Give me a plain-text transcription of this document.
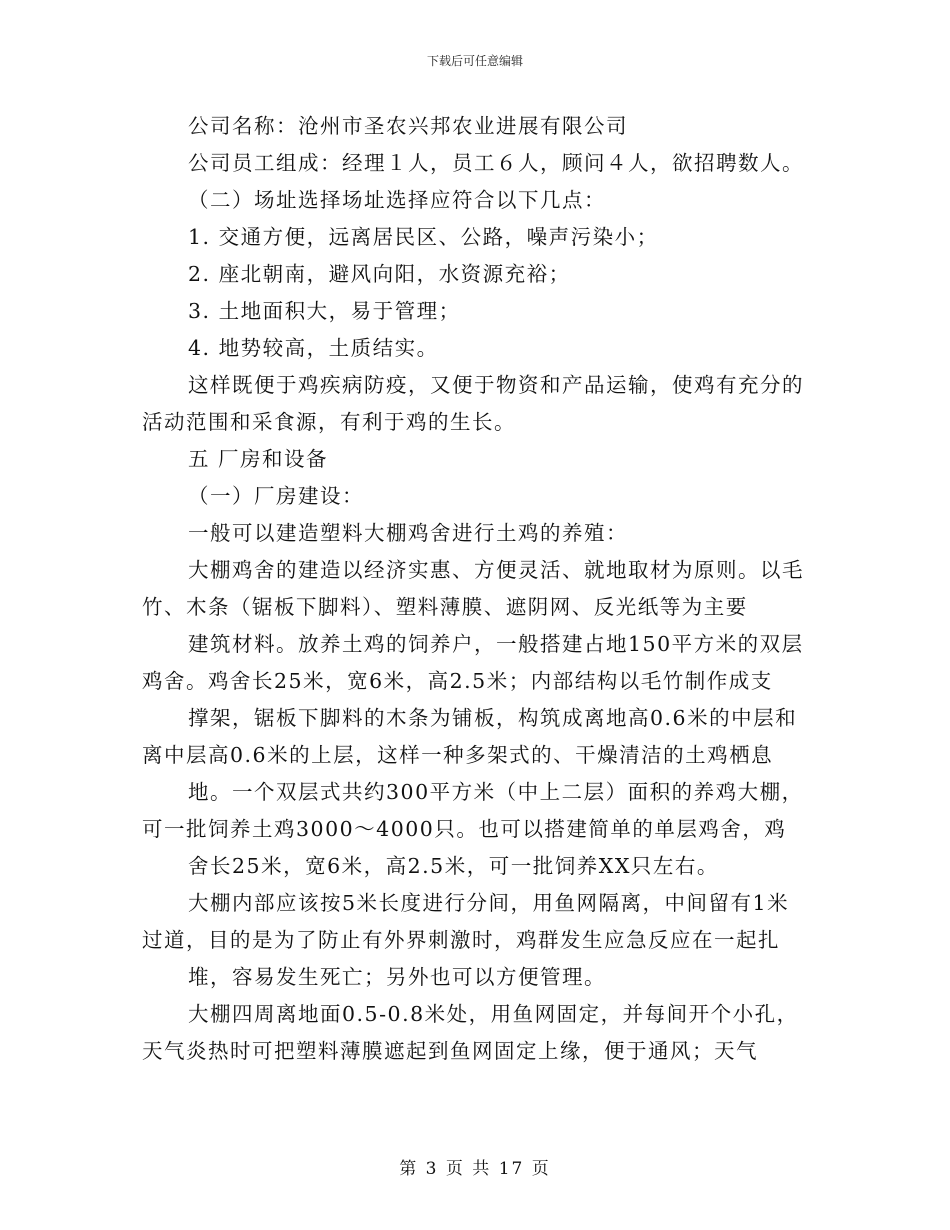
下载后可任意编辑
公司名称：沧州市圣农兴邦农业进展有限公司
公司员工组成：经理１人，员工６人，顾问４人，欲招聘数人。
（二）场址选择场址选择应符合以下几点：
1. 交通方便，远离居民区、公路，噪声污染小；
2. 座北朝南，避风向阳，水资源充裕；
3. 土地面积大，易于管理；
4. 地势较高，土质结实。
这样既便于鸡疾病防疫，又便于物资和产品运输，使鸡有充分的
活动范围和采食源，有利于鸡的生长。
五 厂房和设备
（一）厂房建设：
一般可以建造塑料大棚鸡舍进行土鸡的养殖：
大棚鸡舍的建造以经济实惠、方便灵活、就地取材为原则。以毛
竹、木条（锯板下脚料）、塑料薄膜、遮阴网、反光纸等为主要
建筑材料。放养土鸡的饲养户，一般搭建占地150平方米的双层
鸡舍。鸡舍长25米，宽6米，高2.5米；内部结构以毛竹制作成支
撑架，锯板下脚料的木条为铺板，构筑成离地高0.6米的中层和
离中层高0.6米的上层，这样一种多架式的、干燥清洁的土鸡栖息
地。一个双层式共约300平方米（中上二层）面积的养鸡大棚，
可一批饲养土鸡3000～4000只。也可以搭建简单的单层鸡舍，鸡
舍长25米，宽6米，高2.5米，可一批饲养XX只左右。
大棚内部应该按5米长度进行分间，用鱼网隔离，中间留有1米
过道，目的是为了防止有外界刺激时，鸡群发生应急反应在一起扎
堆，容易发生死亡；另外也可以方便管理。
大棚四周离地面0.5-0.8米处，用鱼网固定，并每间开个小孔，
天气炎热时可把塑料薄膜遮起到鱼网固定上缘，便于通风；天气
第 3 页 共 17 页
